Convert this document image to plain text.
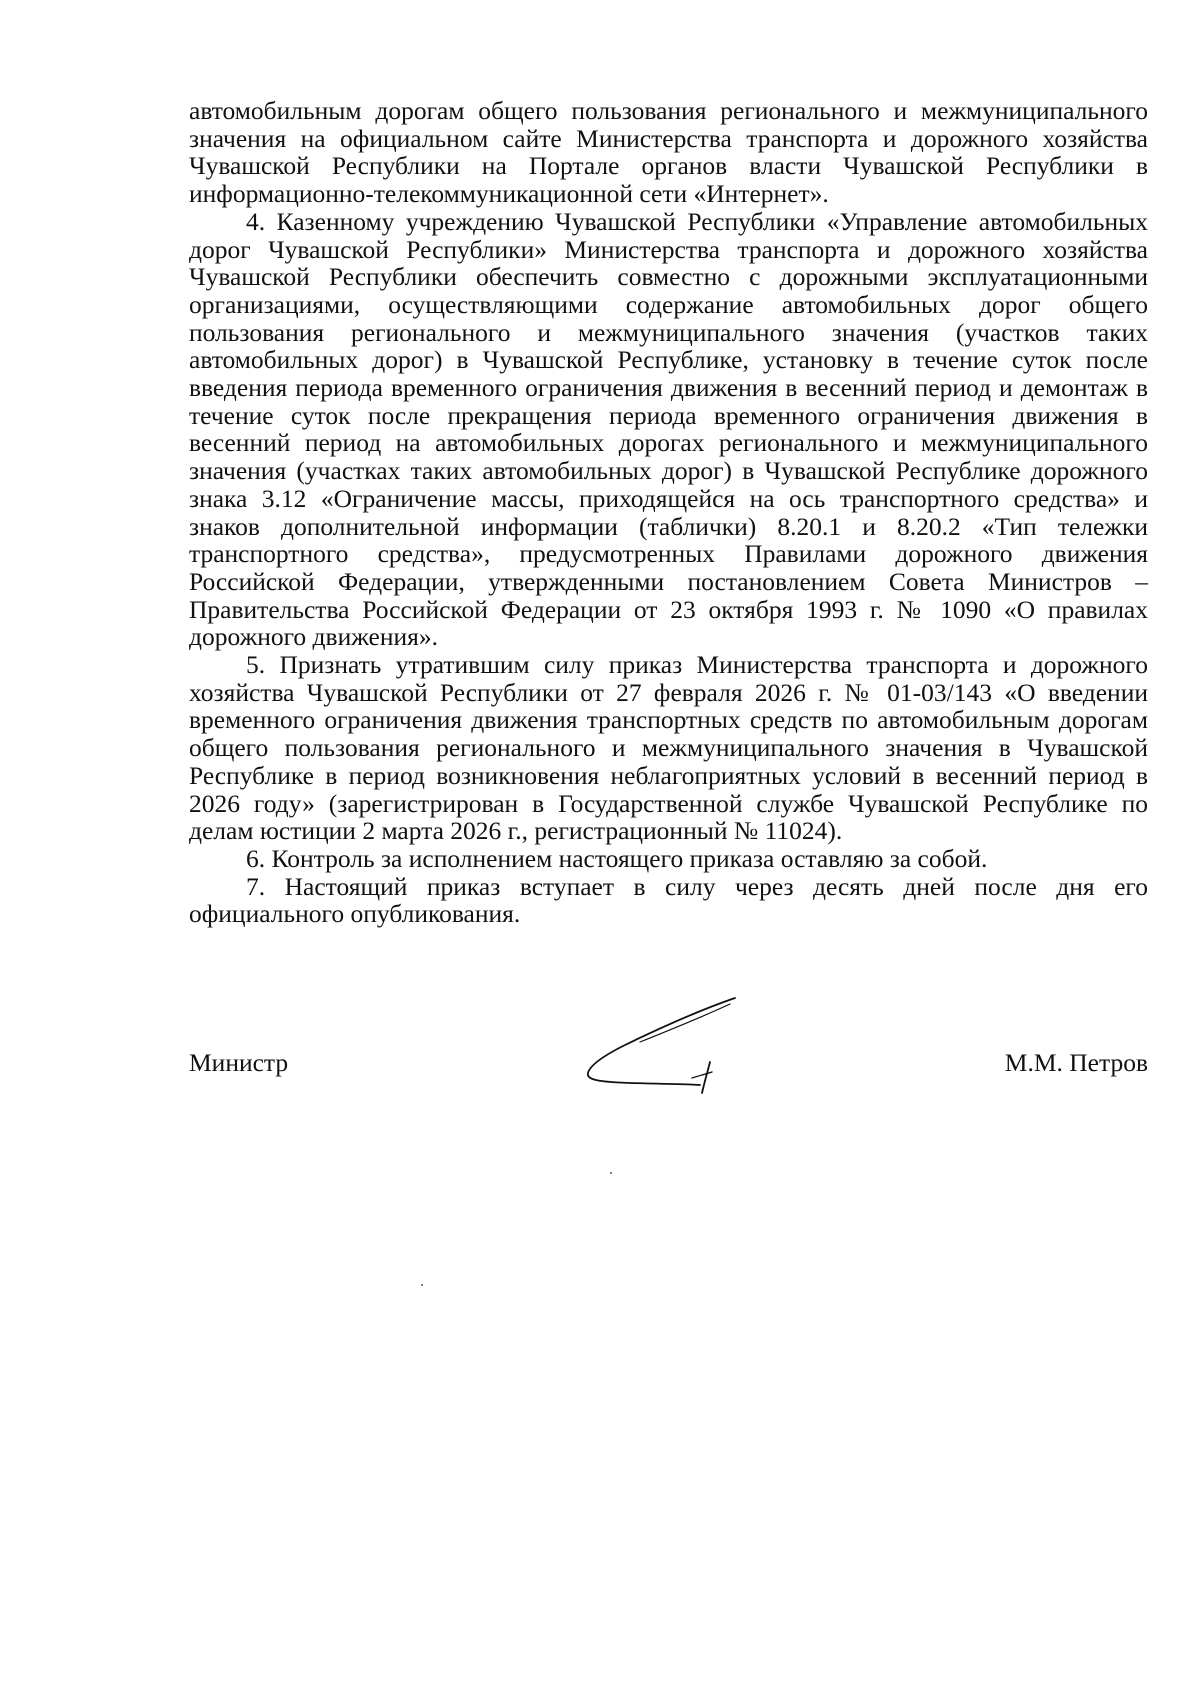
автомобильным дорогам общего пользования регионального и межмуниципального значения на официальном сайте Министерства транспорта и дорожного хозяйства Чувашской Республики на Портале органов власти Чувашской Республики в информационно-телекоммуникационной сети «Интернет».

4. Казенному учреждению Чувашской Республики «Управление автомобильных дорог Чувашской Республики» Министерства транспорта и дорожного хозяйства Чувашской Республики обеспечить совместно с дорожными эксплуатационными организациями, осуществляющими содержание автомобильных дорог общего пользования регионального и межмуниципального значения (участков таких автомобильных дорог) в Чувашской Республике, установку в течение суток после введения периода временного ограничения движения в весенний период и демонтаж в течение суток после прекращения периода временного ограничения движения в весенний период на автомобильных дорогах регионального и межмуниципального значения (участках таких автомобильных дорог) в Чувашской Республике дорожного знака 3.12 «Ограничение массы, приходящейся на ось транспортного средства» и знаков дополнительной информации (таблички) 8.20.1 и 8.20.2 «Тип тележки транспортного средства», предусмотренных Правилами дорожного движения Российской Федерации, утвержденными постановлением Совета Министров – Правительства Российской Федерации от 23 октября 1993 г. № 1090 «О правилах дорожного движения».

5. Признать утратившим силу приказ Министерства транспорта и дорожного хозяйства Чувашской Республики от 27 февраля 2026 г. № 01-03/143 «О введении временного ограничения движения транспортных средств по автомобильным дорогам общего пользования регионального и межмуниципального значения в Чувашской Республике в период возникновения неблагоприятных условий в весенний период в 2026 году» (зарегистрирован в Государственной службе Чувашской Республике по делам юстиции 2 марта 2026 г., регистрационный № 11024).

6. Контроль за исполнением настоящего приказа оставляю за собой.

7. Настоящий приказ вступает в силу через десять дней после дня его официального опубликования.

Министр	М.М. Петров
